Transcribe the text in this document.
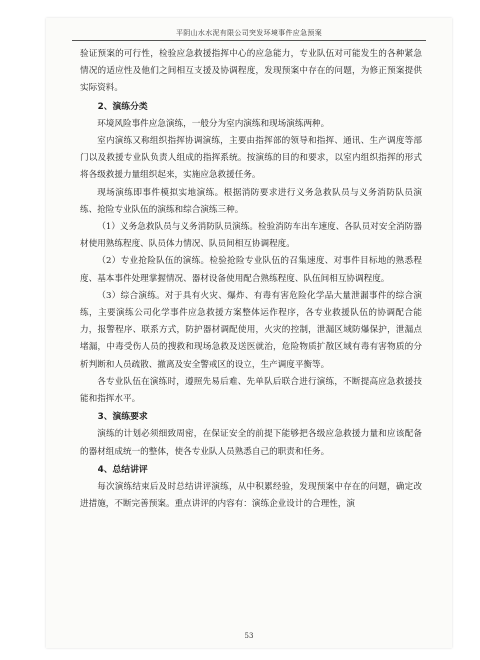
平阴山水水泥有限公司突发环境事件应急预案

验证预案的可行性，检验应急救援指挥中心的应急能力，专业队伍对可能发生的各种紧急情况的适应性及他们之间相互支援及协调程度，发现预案中存在的问题，为修正预案提供实际资料。

2、演练分类

环境风险事件应急演练，一般分为室内演练和现场演练两种。

室内演练又称组织指挥协调演练，主要由指挥部的领导和指挥、通讯、生产调度等部门以及救援专业队负责人组成的指挥系统。按演练的目的和要求，以室内组织指挥的形式将各级救援力量组织起来，实施应急救援任务。

现场演练即事件模拟实地演练。根据消防要求进行义务急救队员与义务消防队员演练、抢险专业队伍的演练和综合演练三种。

（1）义务急救队员与义务消防队员演练。检验消防车出车速度、各队员对安全消防器材使用熟练程度、队员体力情况、队员间相互协调程度。

（2）专业抢险队伍的演练。检验抢险专业队伍的召集速度、对事件目标地的熟悉程度、基本事件处理掌握情况、器材设备使用配合熟练程度、队伍间相互协调程度。

（3）综合演练。对于具有火灾、爆炸、有毒有害危险化学品大量泄漏事件的综合演练，主要演练公司化学事件应急救援方案整体运作程序，各专业救援队伍的协调配合能力，报警程序、联系方式，防护器材调配使用，火灾的控制，泄漏区域防爆保护，泄漏点堵漏，中毒受伤人员的搜救和现场急救及送医就治，危险物质扩散区域有毒有害物质的分析判断和人员疏散、撤离及安全警戒区的设立，生产调度平衡等。

各专业队伍在演练时，遵照先易后难、先单队后联合进行演练，不断提高应急救援技能和指挥水平。

3、演练要求

演练的计划必须细致周密，在保证安全的前提下能够把各级应急救援力量和应该配备的器材组成统一的整体，使各专业队人员熟悉自己的职责和任务。

4、总结讲评

每次演练结束后及时总结讲评演练，从中积累经验，发现预案中存在的问题，确定改进措施，不断完善预案。重点讲评的内容有：演练企业设计的合理性，演

53
